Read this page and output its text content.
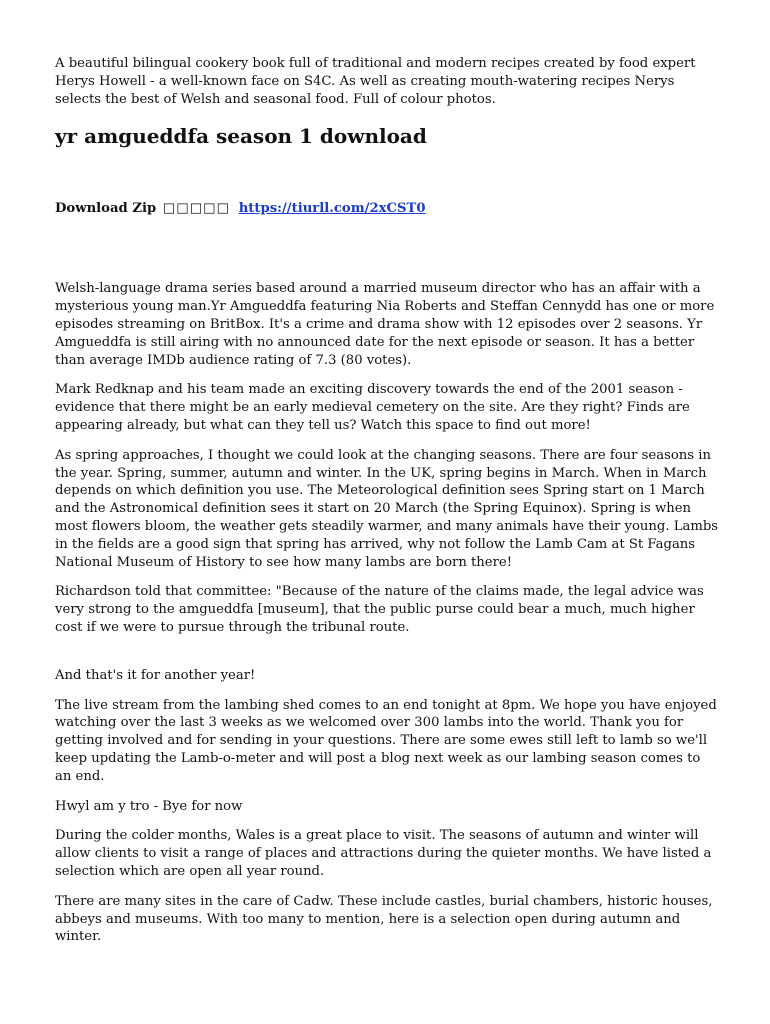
A beautiful bilingual cookery book full of traditional and modern recipes created by food expert Herys Howell - a well-known face on S4C. As well as creating mouth-watering recipes Nerys selects the best of Welsh and seasonal food. Full of colour photos.

yr amgueddfa season 1 download
Download Zip □□□□□ https://tiurll.com/2xCST0

Welsh-language drama series based around a married museum director who has an affair with a mysterious young man.Yr Amgueddfa featuring Nia Roberts and Steffan Cennydd has one or more episodes streaming on BritBox. It's a crime and drama show with 12 episodes over 2 seasons. Yr Amgueddfa is still airing with no announced date for the next episode or season. It has a better than average IMDb audience rating of 7.3 (80 votes).

Mark Redknap and his team made an exciting discovery towards the end of the 2001 season - evidence that there might be an early medieval cemetery on the site. Are they right? Finds are appearing already, but what can they tell us? Watch this space to find out more!

As spring approaches, I thought we could look at the changing seasons. There are four seasons in the year. Spring, summer, autumn and winter. In the UK, spring begins in March. When in March depends on which definition you use. The Meteorological definition sees Spring start on 1 March and the Astronomical definition sees it start on 20 March (the Spring Equinox). Spring is when most flowers bloom, the weather gets steadily warmer, and many animals have their young. Lambs in the fields are a good sign that spring has arrived, why not follow the Lamb Cam at St Fagans National Museum of History to see how many lambs are born there!

Richardson told that committee: "Because of the nature of the claims made, the legal advice was very strong to the amgueddfa [museum], that the public purse could bear a much, much higher cost if we were to pursue through the tribunal route.

And that's it for another year!

The live stream from the lambing shed comes to an end tonight at 8pm. We hope you have enjoyed watching over the last 3 weeks as we welcomed over 300 lambs into the world. Thank you for getting involved and for sending in your questions. There are some ewes still left to lamb so we'll keep updating the Lamb-o-meter and will post a blog next week as our lambing season comes to an end.

Hwyl am y tro - Bye for now

During the colder months, Wales is a great place to visit. The seasons of autumn and winter will allow clients to visit a range of places and attractions during the quieter months. We have listed a selection which are open all year round.

There are many sites in the care of Cadw. These include castles, burial chambers, historic houses, abbeys and museums. With too many to mention, here is a selection open during autumn and winter.
